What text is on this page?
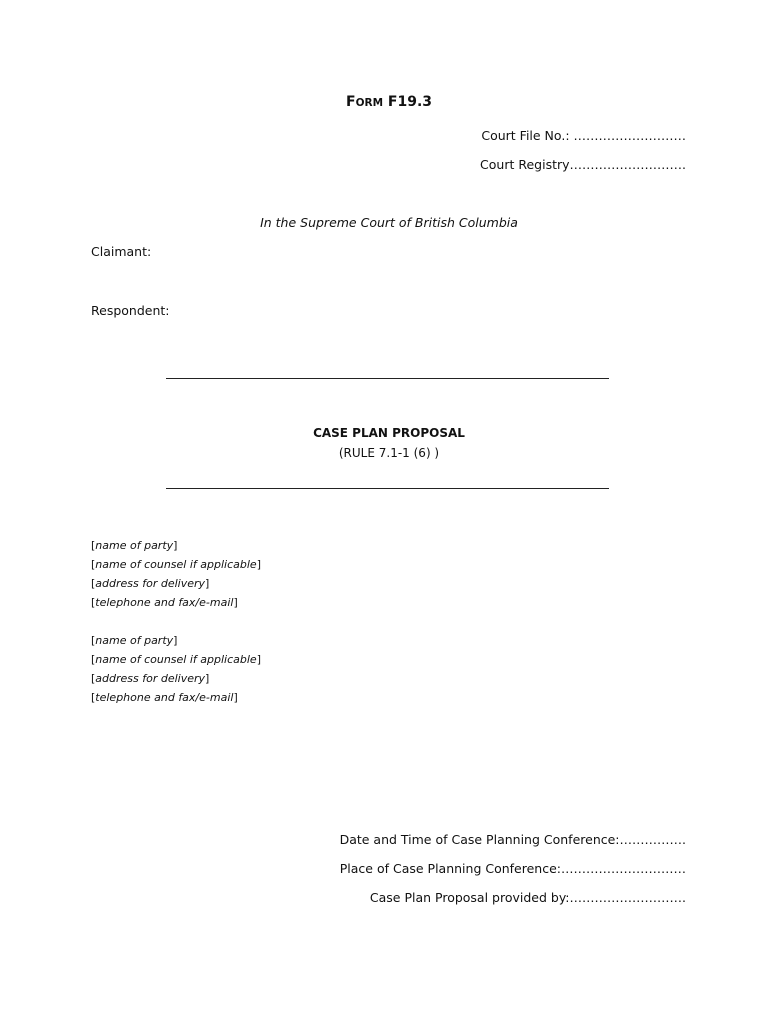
FORM F19.3
Court File No.: ………………………
Court Registry……………………….
In the Supreme Court of British Columbia
Claimant:
Respondent:
CASE PLAN PROPOSAL
(RULE 7.1-1 (6) )
[name of party]
[name of counsel if applicable]
[address for delivery]
[telephone and fax/e-mail]
[name of party]
[name of counsel if applicable]
[address for delivery]
[telephone and fax/e-mail]
Date and Time of Case Planning Conference:…………….
Place of Case Planning Conference:…………………………
Case Plan Proposal provided by:……………………….
